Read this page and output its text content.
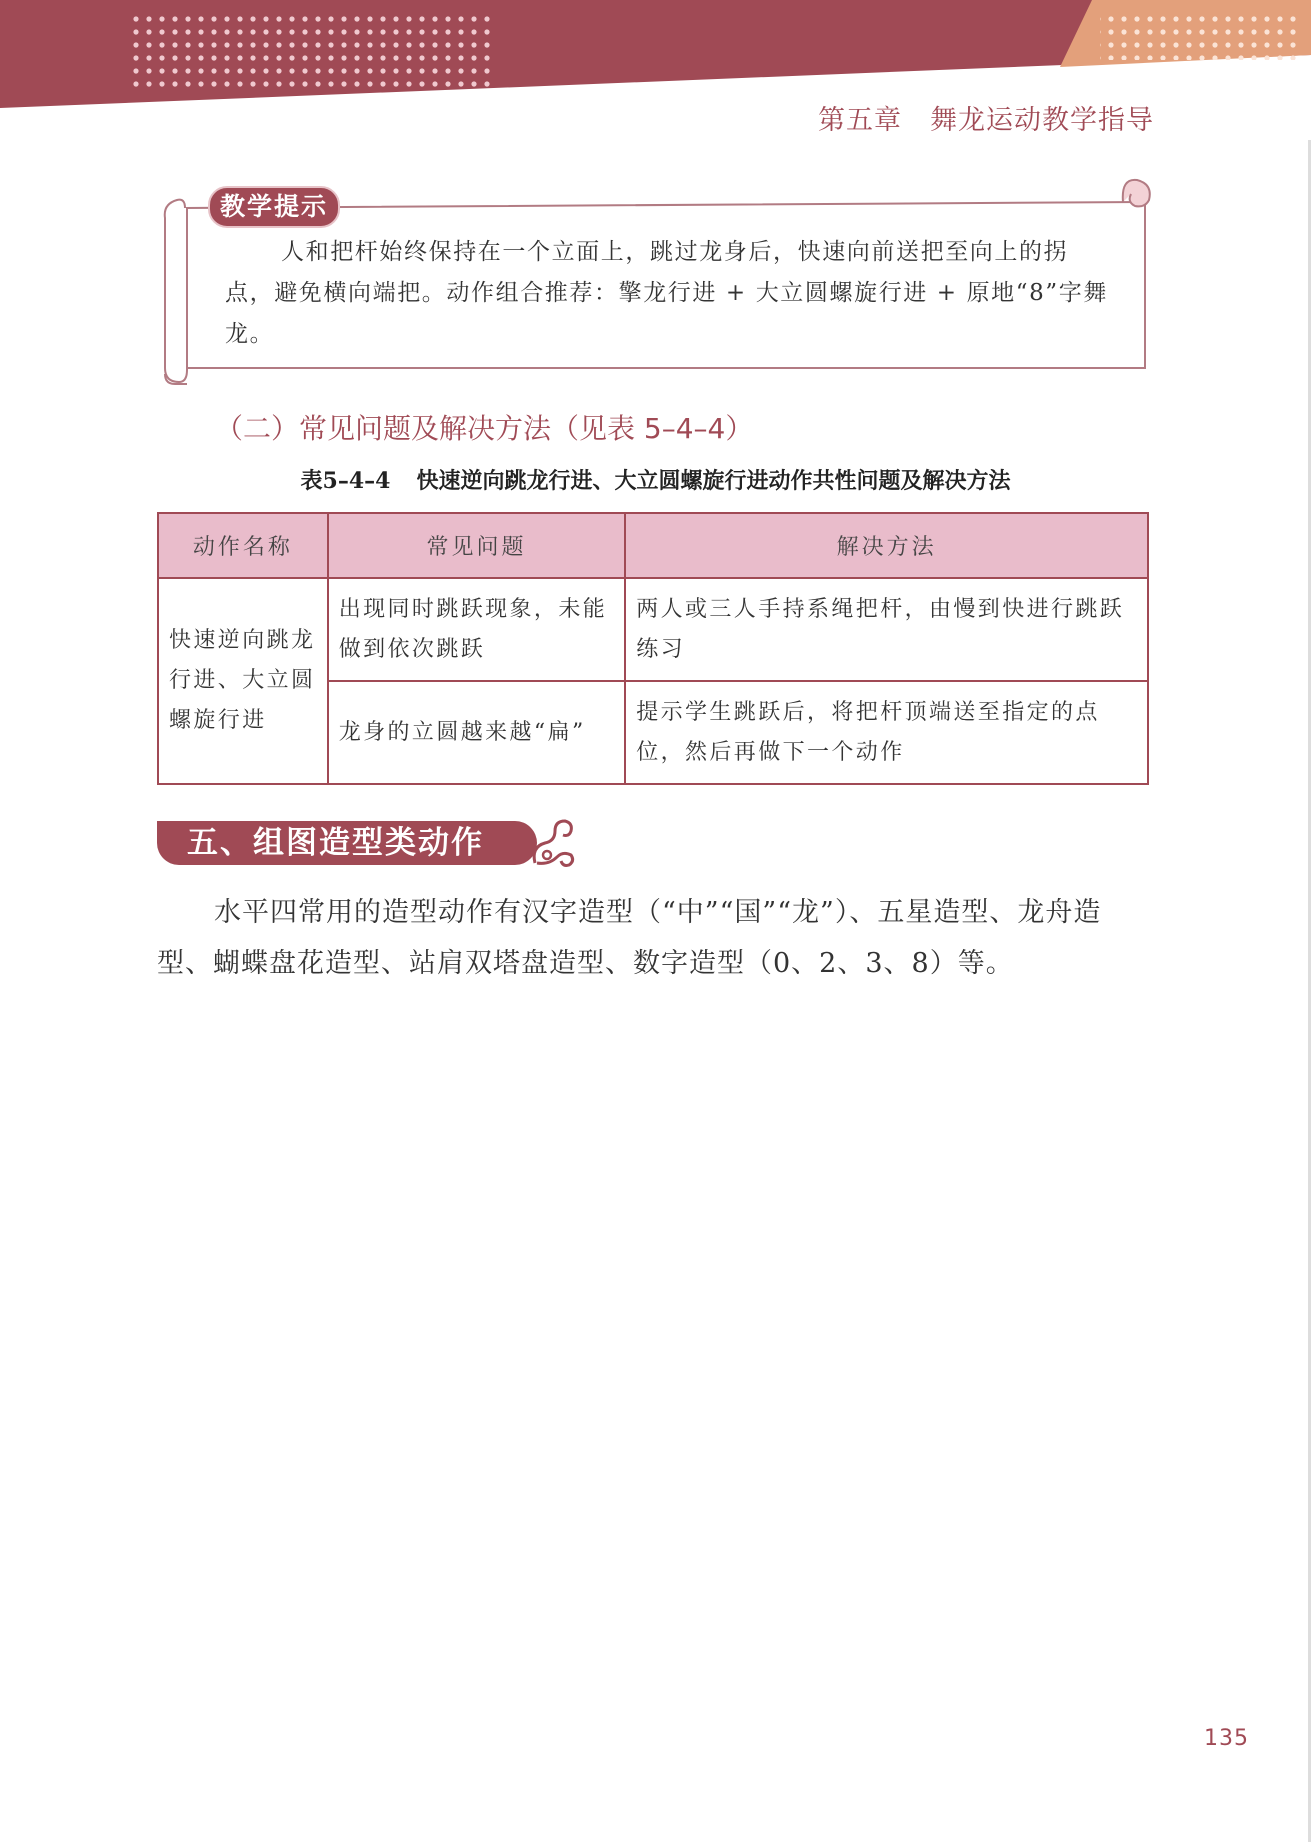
第五章 舞龙运动教学指导
教学提示

人和把杆始终保持在一个立面上，跳过龙身后，快速向前送把至向上的拐点，避免横向端把。动作组合推荐：擎龙行进 + 大立圆螺旋行进 + 原地“8”字舞龙。

（二）常见问题及解决方法（见表 5–4–4）
表5–4–4 快速逆向跳龙行进、大立圆螺旋行进动作共性问题及解决方法
动作名称	常见问题	解决方法
快速逆向跳龙行进、大立圆螺旋行进	出现同时跳跃现象，未能做到依次跳跃	两人或三人手持系绳把杆，由慢到快进行跳跃练习
	龙身的立圆越来越“扁”	提示学生跳跃后，将把杆顶端送至指定的点位，然后再做下一个动作
五、组图造型类动作

水平四常用的造型动作有汉字造型（“中”“国”“龙”）、五星造型、龙舟造型、蝴蝶盘花造型、站肩双塔盘造型、数字造型（0、2、3、8）等。

135
